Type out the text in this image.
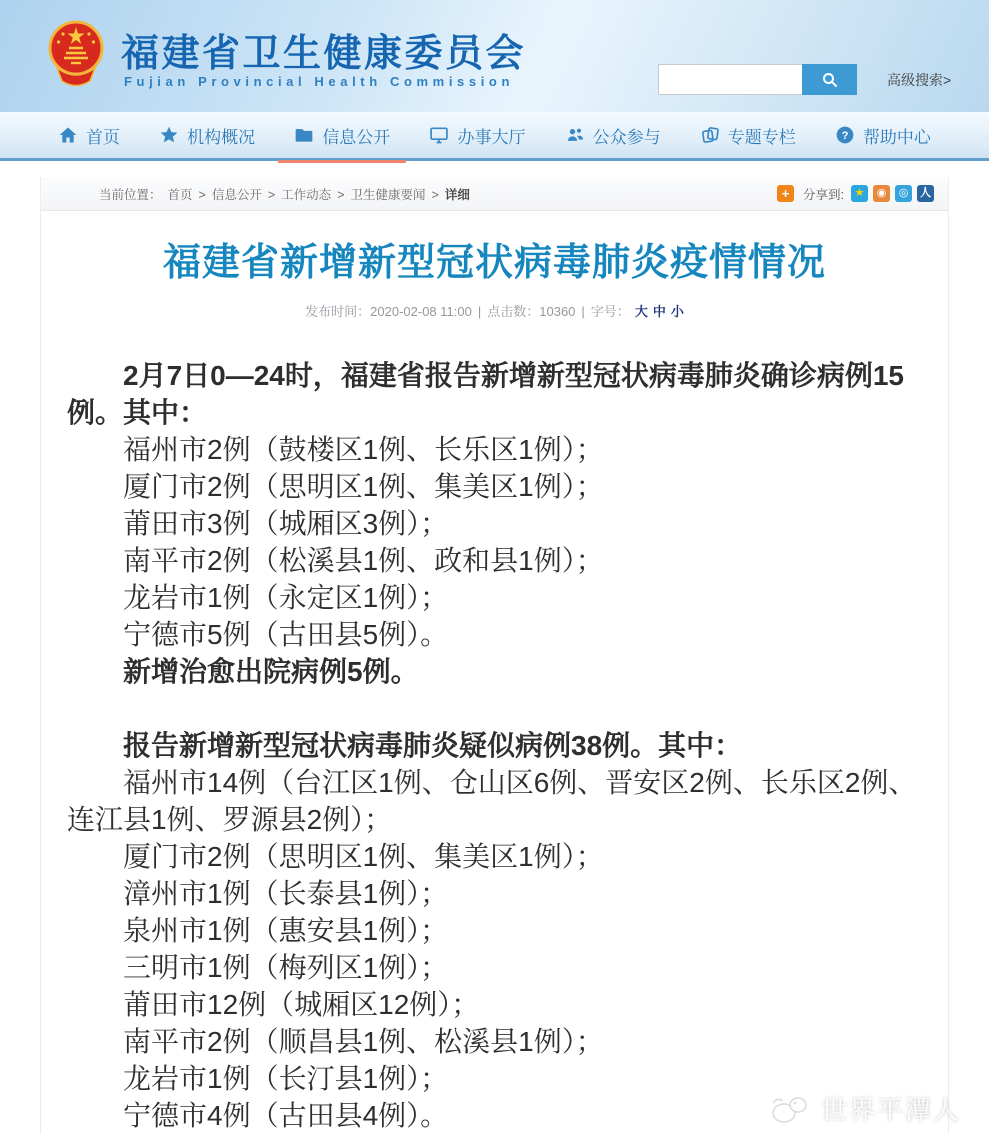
福建省卫生健康委员会
Fujian Provincial Health Commission	高级搜索>
首页	机构概况	信息公开	办事大厅	公众参与	专题专栏	? 帮助中心
当前位置： 首页 > 信息公开 > 工作动态 > 卫生健康要闻 > 详细	+	分享到: ★	◉	◎	人
福建省新增新型冠状病毒肺炎疫情情况
发布时间：2020-02-08 11:00 | 点击数：10360 | 字号： 大 中 小

2月7日0—24时，福建省报告新增新型冠状病毒肺炎确诊病例15例。其中：

福州市2例（鼓楼区1例、长乐区1例）；

厦门市2例（思明区1例、集美区1例）；

莆田市3例（城厢区3例）；

南平市2例（松溪县1例、政和县1例）；

龙岩市1例（永定区1例）；

宁德市5例（古田县5例）。

新增治愈出院病例5例。

报告新增新型冠状病毒肺炎疑似病例38例。其中：

福州市14例（台江区1例、仓山区6例、晋安区2例、长乐区2例、连江县1例、罗源县2例）；

厦门市2例（思明区1例、集美区1例）；

漳州市1例（长泰县1例）；

泉州市1例（惠安县1例）；

三明市1例（梅列区1例）；

莆田市12例（城厢区12例）；

南平市2例（顺昌县1例、松溪县1例）；

龙岩市1例（长汀县1例）；

宁德市4例（古田县4例）。	世界平潭人
